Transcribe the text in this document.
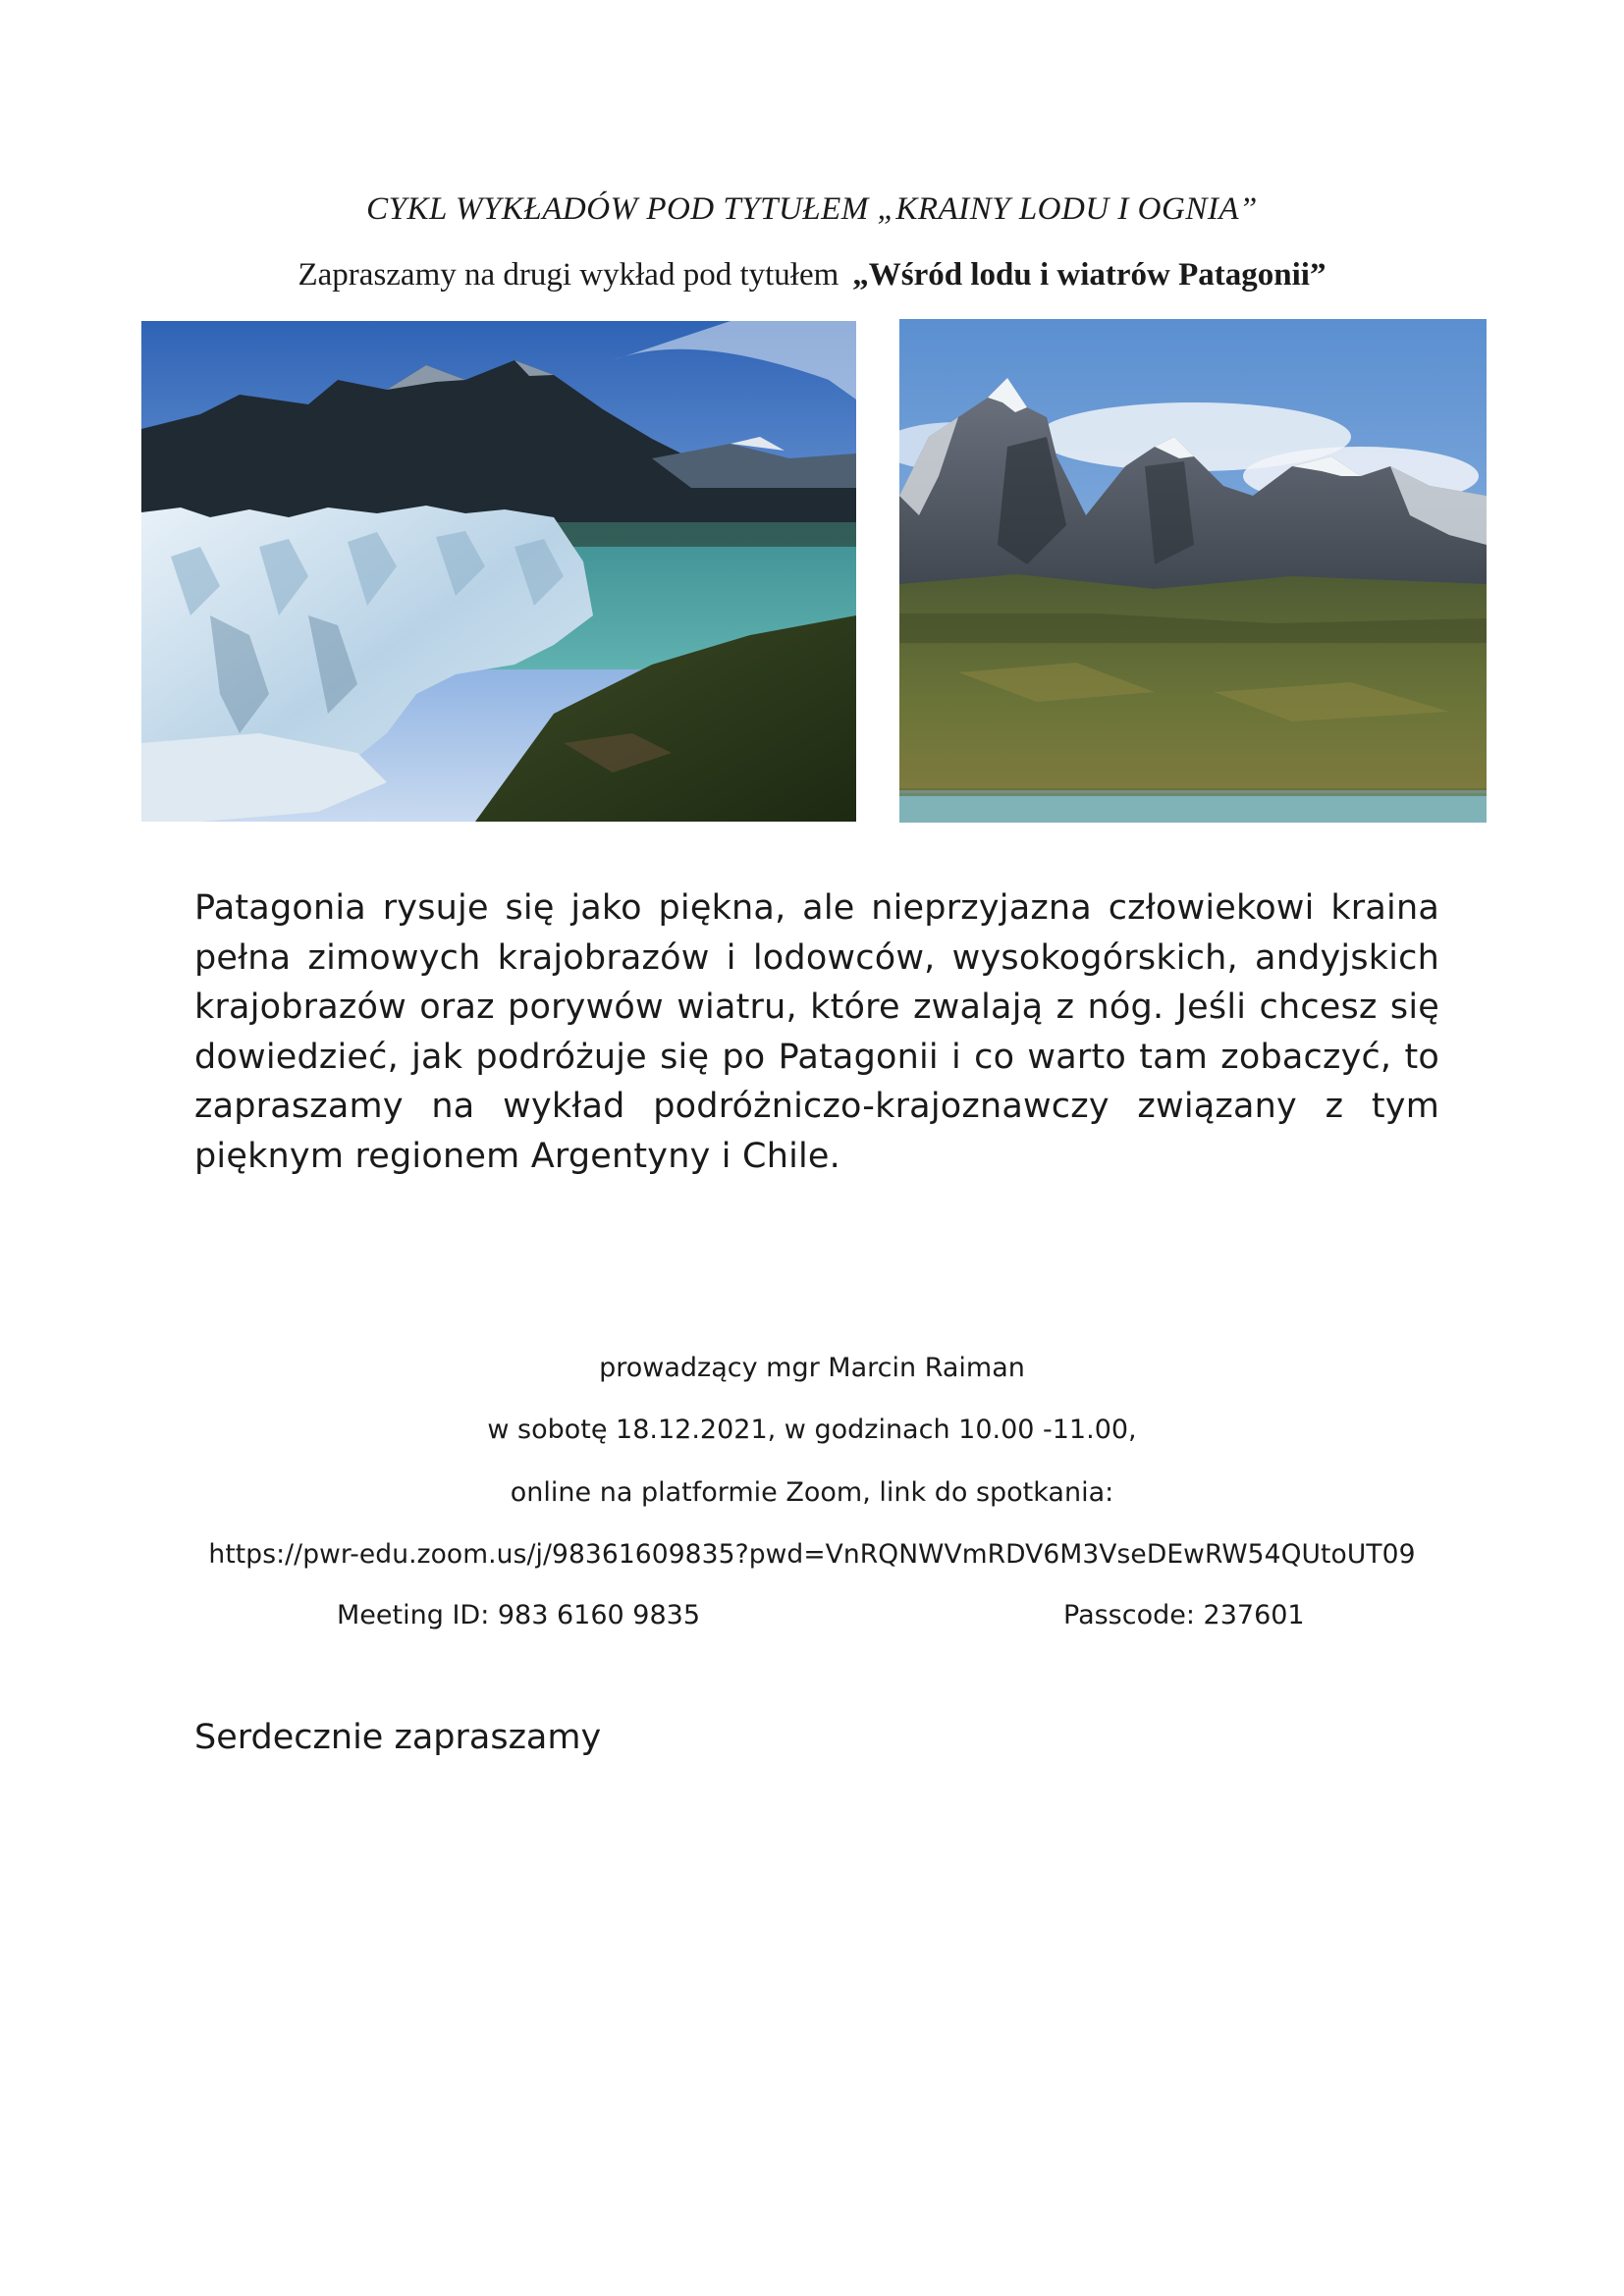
CYKL WYKŁADÓW POD TYTUŁEM „KRAINY LODU I OGNIA”
Zapraszamy na drugi wykład pod tytułem „Wśród lodu i wiatrów Patagonii”
Patagonia rysuje się jako piękna, ale nieprzyjazna człowiekowi kraina pełna zimowych krajobrazów i lodowców, wysokogórskich, andyjskich krajobrazów oraz porywów wiatru, które zwalają z nóg. Jeśli chcesz się dowiedzieć, jak podróżuje się po Patagonii i co warto tam zobaczyć, to zapraszamy na wykład podróżniczo-krajoznawczy związany z tym pięknym regionem Argentyny i Chile.
prowadzący mgr Marcin Raiman
w sobotę 18.12.2021, w godzinach 10.00 -11.00,
online na platformie Zoom, link do spotkania:
https://pwr-edu.zoom.us/j/98361609835?pwd=VnRQNWVmRDV6M3VseDEwRW54QUtoUT09
Meeting ID: 983 6160 9835	Passcode: 237601
Serdecznie zapraszamy
